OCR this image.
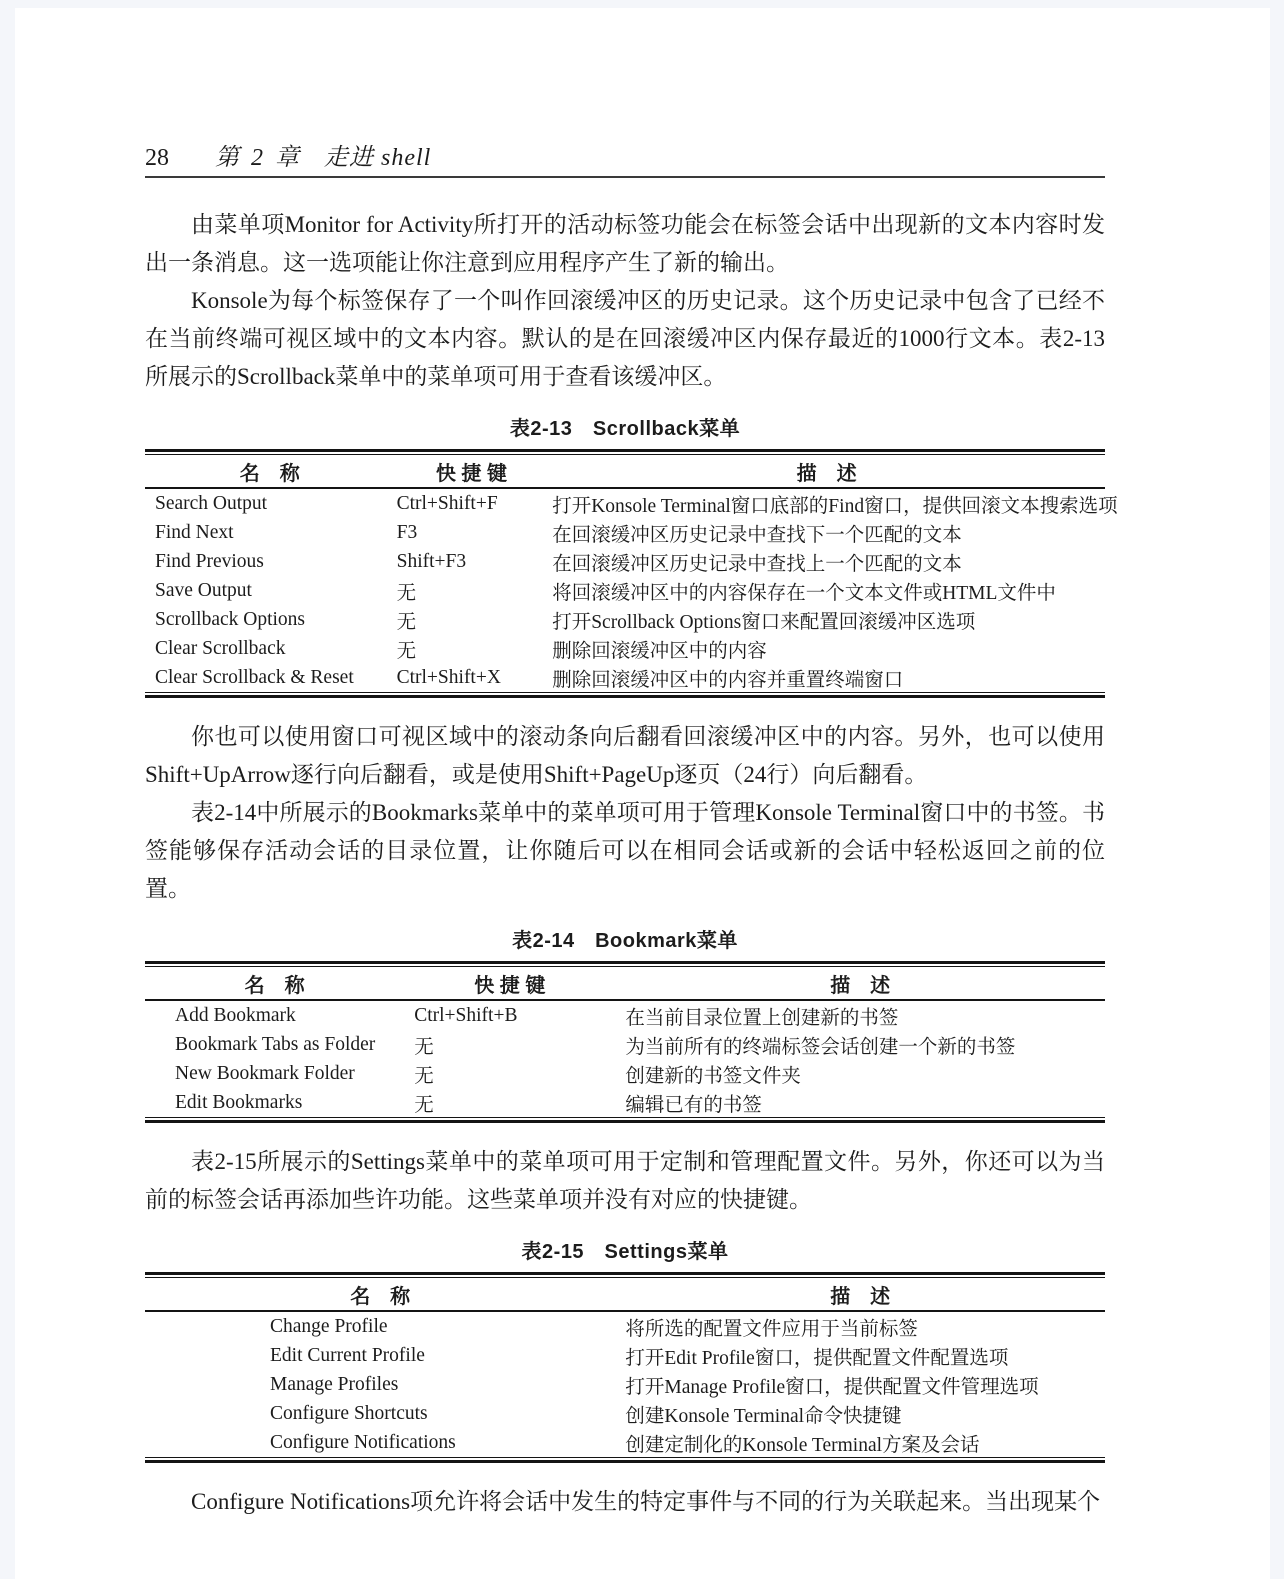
28 第 2 章 走进 shell

由菜单项Monitor for Activity所打开的活动标签功能会在标签会话中出现新的文本内容时发出一条消息。这一选项能让你注意到应用程序产生了新的输出。

Konsole为每个标签保存了一个叫作回滚缓冲区的历史记录。这个历史记录中包含了已经不在当前终端可视区域中的文本内容。默认的是在回滚缓冲区内保存最近的1000行文本。表2-13所展示的Scrollback菜单中的菜单项可用于查看该缓冲区。

表2-13　Scrollback菜单
名　称	快 捷 键	描　述
Search Output	Ctrl+Shift+F	打开Konsole Terminal窗口底部的Find窗口，提供回滚文本搜索选项
Find Next	F3	在回滚缓冲区历史记录中查找下一个匹配的文本
Find Previous	Shift+F3	在回滚缓冲区历史记录中查找上一个匹配的文本
Save Output	无	将回滚缓冲区中的内容保存在一个文本文件或HTML文件中
Scrollback Options	无	打开Scrollback Options窗口来配置回滚缓冲区选项
Clear Scrollback	无	删除回滚缓冲区中的内容
Clear Scrollback & Reset	Ctrl+Shift+X	删除回滚缓冲区中的内容并重置终端窗口

你也可以使用窗口可视区域中的滚动条向后翻看回滚缓冲区中的内容。另外，也可以使用Shift+UpArrow逐行向后翻看，或是使用Shift+PageUp逐页（24行）向后翻看。

表2-14中所展示的Bookmarks菜单中的菜单项可用于管理Konsole Terminal窗口中的书签。书签能够保存活动会话的目录位置，让你随后可以在相同会话或新的会话中轻松返回之前的位置。

表2-14　Bookmark菜单
名　称	快 捷 键	描　述
Add Bookmark	Ctrl+Shift+B	在当前目录位置上创建新的书签
Bookmark Tabs as Folder	无	为当前所有的终端标签会话创建一个新的书签
New Bookmark Folder	无	创建新的书签文件夹
Edit Bookmarks	无	编辑已有的书签

表2-15所展示的Settings菜单中的菜单项可用于定制和管理配置文件。另外，你还可以为当前的标签会话再添加些许功能。这些菜单项并没有对应的快捷键。

表2-15　Settings菜单
名　称	描　述
Change Profile	将所选的配置文件应用于当前标签
Edit Current Profile	打开Edit Profile窗口，提供配置文件配置选项
Manage Profiles	打开Manage Profile窗口，提供配置文件管理选项
Configure Shortcuts	创建Konsole Terminal命令快捷键
Configure Notifications	创建定制化的Konsole Terminal方案及会话

Configure Notifications项允许将会话中发生的特定事件与不同的行为关联起来。当出现某个
